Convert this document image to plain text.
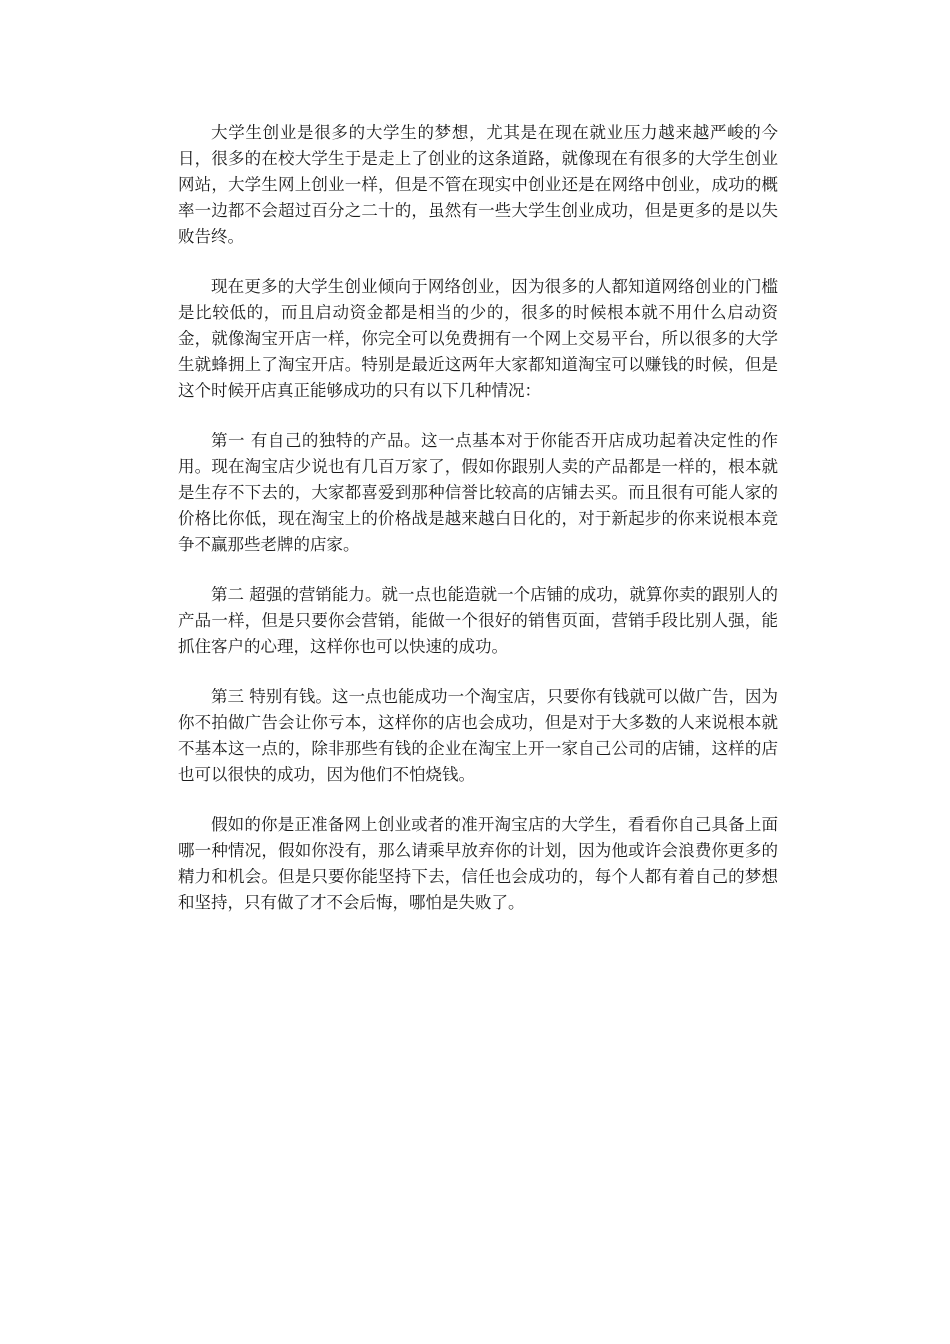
大学生创业是很多的大学生的梦想，尤其是在现在就业压力越来越严峻的今日，很多的在校大学生于是走上了创业的这条道路，就像现在有很多的大学生创业网站，大学生网上创业一样，但是不管在现实中创业还是在网络中创业，成功的概率一边都不会超过百分之二十的，虽然有一些大学生创业成功，但是更多的是以失败告终。

现在更多的大学生创业倾向于网络创业，因为很多的人都知道网络创业的门槛是比较低的，而且启动资金都是相当的少的，很多的时候根本就不用什么启动资金，就像淘宝开店一样，你完全可以免费拥有一个网上交易平台，所以很多的大学生就蜂拥上了淘宝开店。特别是最近这两年大家都知道淘宝可以赚钱的时候，但是这个时候开店真正能够成功的只有以下几种情况：

第一 有自己的独特的产品。这一点基本对于你能否开店成功起着决定性的作用。现在淘宝店少说也有几百万家了，假如你跟别人卖的产品都是一样的，根本就是生存不下去的，大家都喜爱到那种信誉比较高的店铺去买。而且很有可能人家的价格比你低，现在淘宝上的价格战是越来越白日化的，对于新起步的你来说根本竞争不赢那些老牌的店家。

第二 超强的营销能力。就一点也能造就一个店铺的成功，就算你卖的跟别人的产品一样，但是只要你会营销，能做一个很好的销售页面，营销手段比别人强，能抓住客户的心理，这样你也可以快速的成功。

第三 特别有钱。这一点也能成功一个淘宝店，只要你有钱就可以做广告，因为你不拍做广告会让你亏本，这样你的店也会成功，但是对于大多数的人来说根本就不基本这一点的，除非那些有钱的企业在淘宝上开一家自己公司的店铺，这样的店也可以很快的成功，因为他们不怕烧钱。

假如的你是正准备网上创业或者的准开淘宝店的大学生，看看你自己具备上面哪一种情况，假如你没有，那么请乘早放弃你的计划，因为他或许会浪费你更多的精力和机会。但是只要你能坚持下去，信任也会成功的，每个人都有着自己的梦想和坚持，只有做了才不会后悔，哪怕是失败了。
